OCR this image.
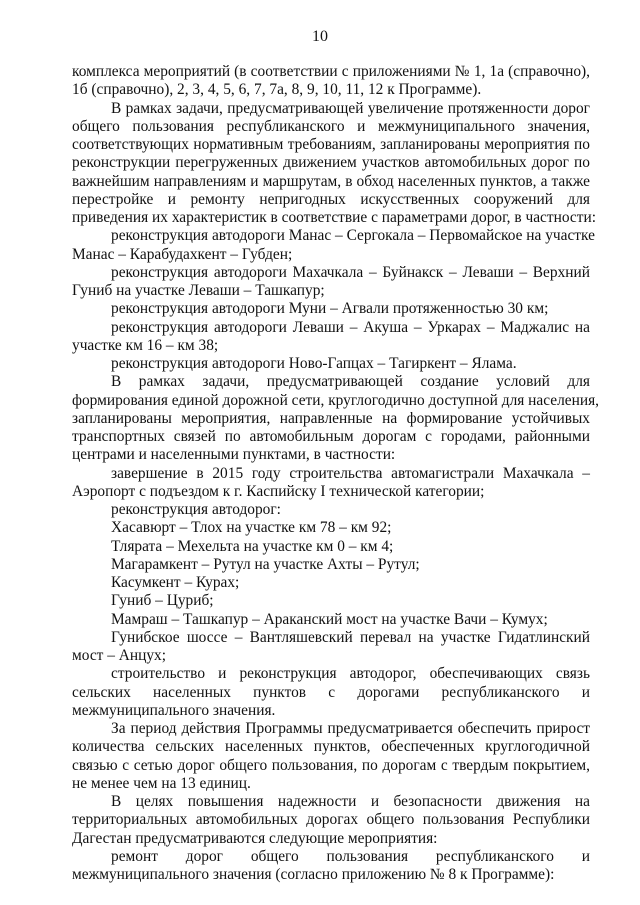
10
комплекса мероприятий (в соответствии с приложениями № 1, 1а (справочно),
1б (справочно), 2, 3, 4, 5, 6, 7, 7а, 8, 9, 10, 11, 12 к Программе).
В рамках задачи, предусматривающей увеличение протяженности дорог
общего пользования республиканского и межмуниципального значения,
соответствующих нормативным требованиям, запланированы мероприятия по
реконструкции перегруженных движением участков автомобильных дорог по
важнейшим направлениям и маршрутам, в обход населенных пунктов, а также
перестройке и ремонту непригодных искусственных сооружений для
приведения их характеристик в соответствие с параметрами дорог, в частности:
реконструкция автодороги Манас – Сергокала – Первомайское на участке
Манас – Карабудахкент – Губден;
реконструкция автодороги Махачкала – Буйнакск – Леваши – Верхний
Гуниб на участке Леваши – Ташкапур;
реконструкция автодороги Муни – Агвали протяженностью 30 км;
реконструкция автодороги Леваши – Акуша – Уркарах – Маджалис на
участке км 16 – км 38;
реконструкция автодороги Ново-Гапцах – Тагиркент – Ялама.
В рамках задачи, предусматривающей создание условий для
формирования единой дорожной сети, круглогодично доступной для населения,
запланированы мероприятия, направленные на формирование устойчивых
транспортных связей по автомобильным дорогам с городами, районными
центрами и населенными пунктами, в частности:
завершение в 2015 году строительства автомагистрали Махачкала –
Аэропорт с подъездом к г. Каспийску I технической категории;
реконструкция автодорог:
Хасавюрт – Тлох на участке км 78 – км 92;
Тлярата – Мехельта на участке км 0 – км 4;
Магарамкент – Рутул на участке Ахты – Рутул;
Касумкент – Курах;
Гуниб – Цуриб;
Мамраш – Ташкапур – Араканский мост на участке Вачи – Кумух;
Гунибское шоссе – Вантляшевский перевал на участке Гидатлинский
мост – Анцух;
строительство и реконструкция автодорог, обеспечивающих связь
сельских населенных пунктов с дорогами республиканского и
межмуниципального значения.
За период действия Программы предусматривается обеспечить прирост
количества сельских населенных пунктов, обеспеченных круглогодичной
связью с сетью дорог общего пользования, по дорогам с твердым покрытием,
не менее чем на 13 единиц.
В целях повышения надежности и безопасности движения на
территориальных автомобильных дорогах общего пользования Республики
Дагестан предусматриваются следующие мероприятия:
ремонт дорог общего пользования республиканского и
межмуниципального значения (согласно приложению № 8 к Программе):
